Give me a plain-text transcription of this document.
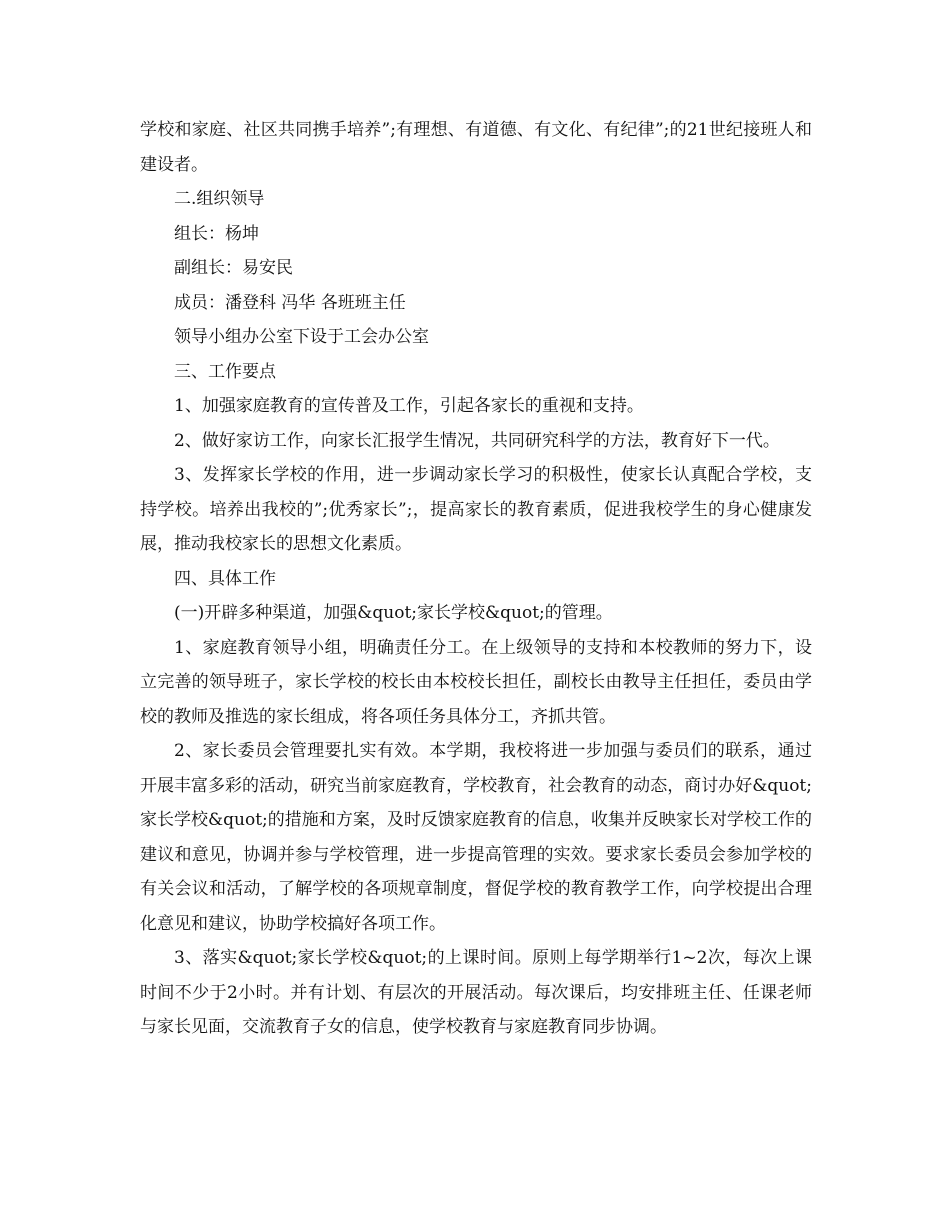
学校和家庭、社区共同携手培养”;有理想、有道德、有文化、有纪律”;的21世纪接班人和建设者。

二.组织领导

组长：杨坤

副组长：易安民

成员：潘登科 冯华 各班班主任

领导小组办公室下设于工会办公室

三、工作要点

1、加强家庭教育的宣传普及工作，引起各家长的重视和支持。

2、做好家访工作，向家长汇报学生情况，共同研究科学的方法，教育好下一代。

3、发挥家长学校的作用，进一步调动家长学习的积极性，使家长认真配合学校，支持学校。培养出我校的”;优秀家长”;，提高家长的教育素质，促进我校学生的身心健康发展，推动我校家长的思想文化素质。

四、具体工作

(一)开辟多种渠道，加强&quot;家长学校&quot;的管理。

1、家庭教育领导小组，明确责任分工。在上级领导的支持和本校教师的努力下，设立完善的领导班子，家长学校的校长由本校校长担任，副校长由教导主任担任，委员由学校的教师及推选的家长组成，将各项任务具体分工，齐抓共管。

2、家长委员会管理要扎实有效。本学期，我校将进一步加强与委员们的联系，通过开展丰富多彩的活动，研究当前家庭教育，学校教育，社会教育的动态，商讨办好&quot;家长学校&quot;的措施和方案，及时反馈家庭教育的信息，收集并反映家长对学校工作的建议和意见，协调并参与学校管理，进一步提高管理的实效。要求家长委员会参加学校的有关会议和活动，了解学校的各项规章制度，督促学校的教育教学工作，向学校提出合理化意见和建议，协助学校搞好各项工作。

3、落实&quot;家长学校&quot;的上课时间。原则上每学期举行1~2次，每次上课时间不少于2小时。并有计划、有层次的开展活动。每次课后，均安排班主任、任课老师与家长见面，交流教育子女的信息，使学校教育与家庭教育同步协调。
